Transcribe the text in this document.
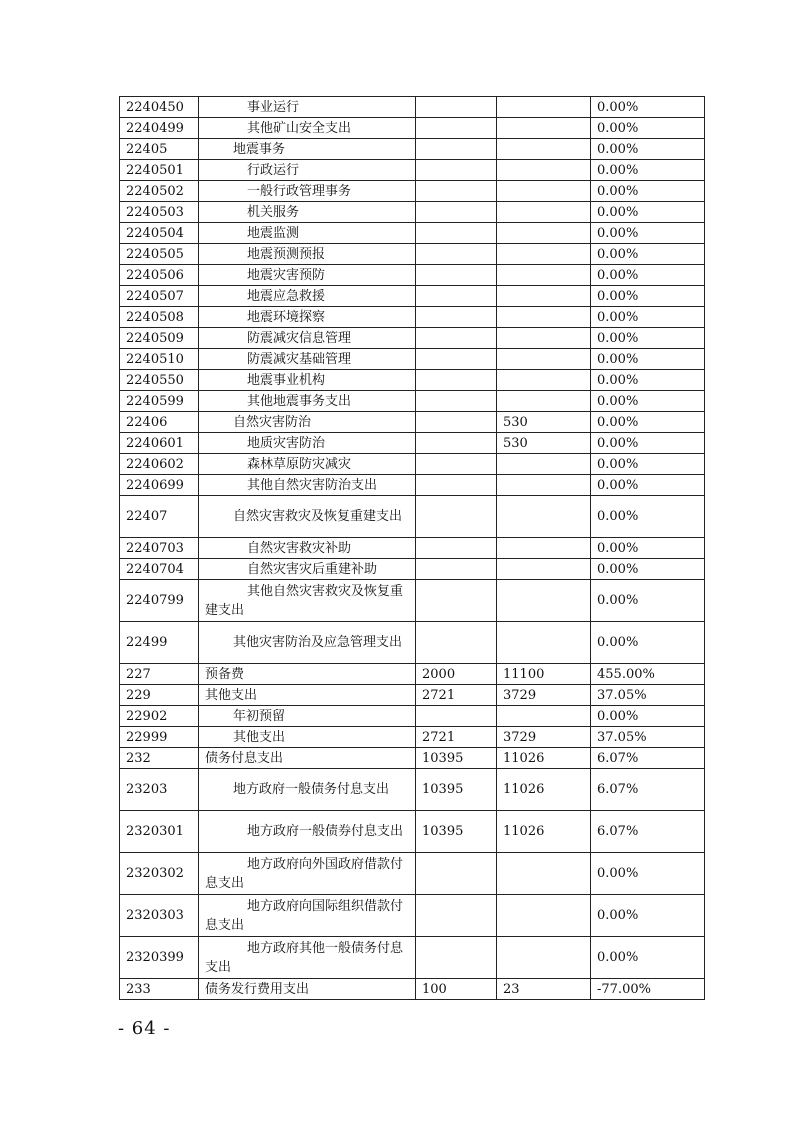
2240450	事业运行			0.00%
2240499	其他矿山安全支出			0.00%
22405	地震事务			0.00%
2240501	行政运行			0.00%
2240502	一般行政管理事务			0.00%
2240503	机关服务			0.00%
2240504	地震监测			0.00%
2240505	地震预测预报			0.00%
2240506	地震灾害预防			0.00%
2240507	地震应急救援			0.00%
2240508	地震环境探察			0.00%
2240509	防震减灾信息管理			0.00%
2240510	防震减灾基础管理			0.00%
2240550	地震事业机构			0.00%
2240599	其他地震事务支出			0.00%
22406	自然灾害防治		530	0.00%
2240601	地质灾害防治		530	0.00%
2240602	森林草原防灾减灾			0.00%
2240699	其他自然灾害防治支出			0.00%
22407	自然灾害救灾及恢复重建支出			0.00%
2240703	自然灾害救灾补助			0.00%
2240704	自然灾害灾后重建补助			0.00%
2240799	其他自然灾害救灾及恢复重建支出			0.00%
22499	其他灾害防治及应急管理支出			0.00%
227	预备费	2000	11100	455.00%
229	其他支出	2721	3729	37.05%
22902	年初预留			0.00%
22999	其他支出	2721	3729	37.05%
232	债务付息支出	10395	11026	6.07%
23203	地方政府一般债务付息支出	10395	11026	6.07%
2320301	地方政府一般债券付息支出	10395	11026	6.07%
2320302	地方政府向外国政府借款付息支出			0.00%
2320303	地方政府向国际组织借款付息支出			0.00%
2320399	地方政府其他一般债务付息支出			0.00%
233	债务发行费用支出	100	23	-77.00%
- 64 -
